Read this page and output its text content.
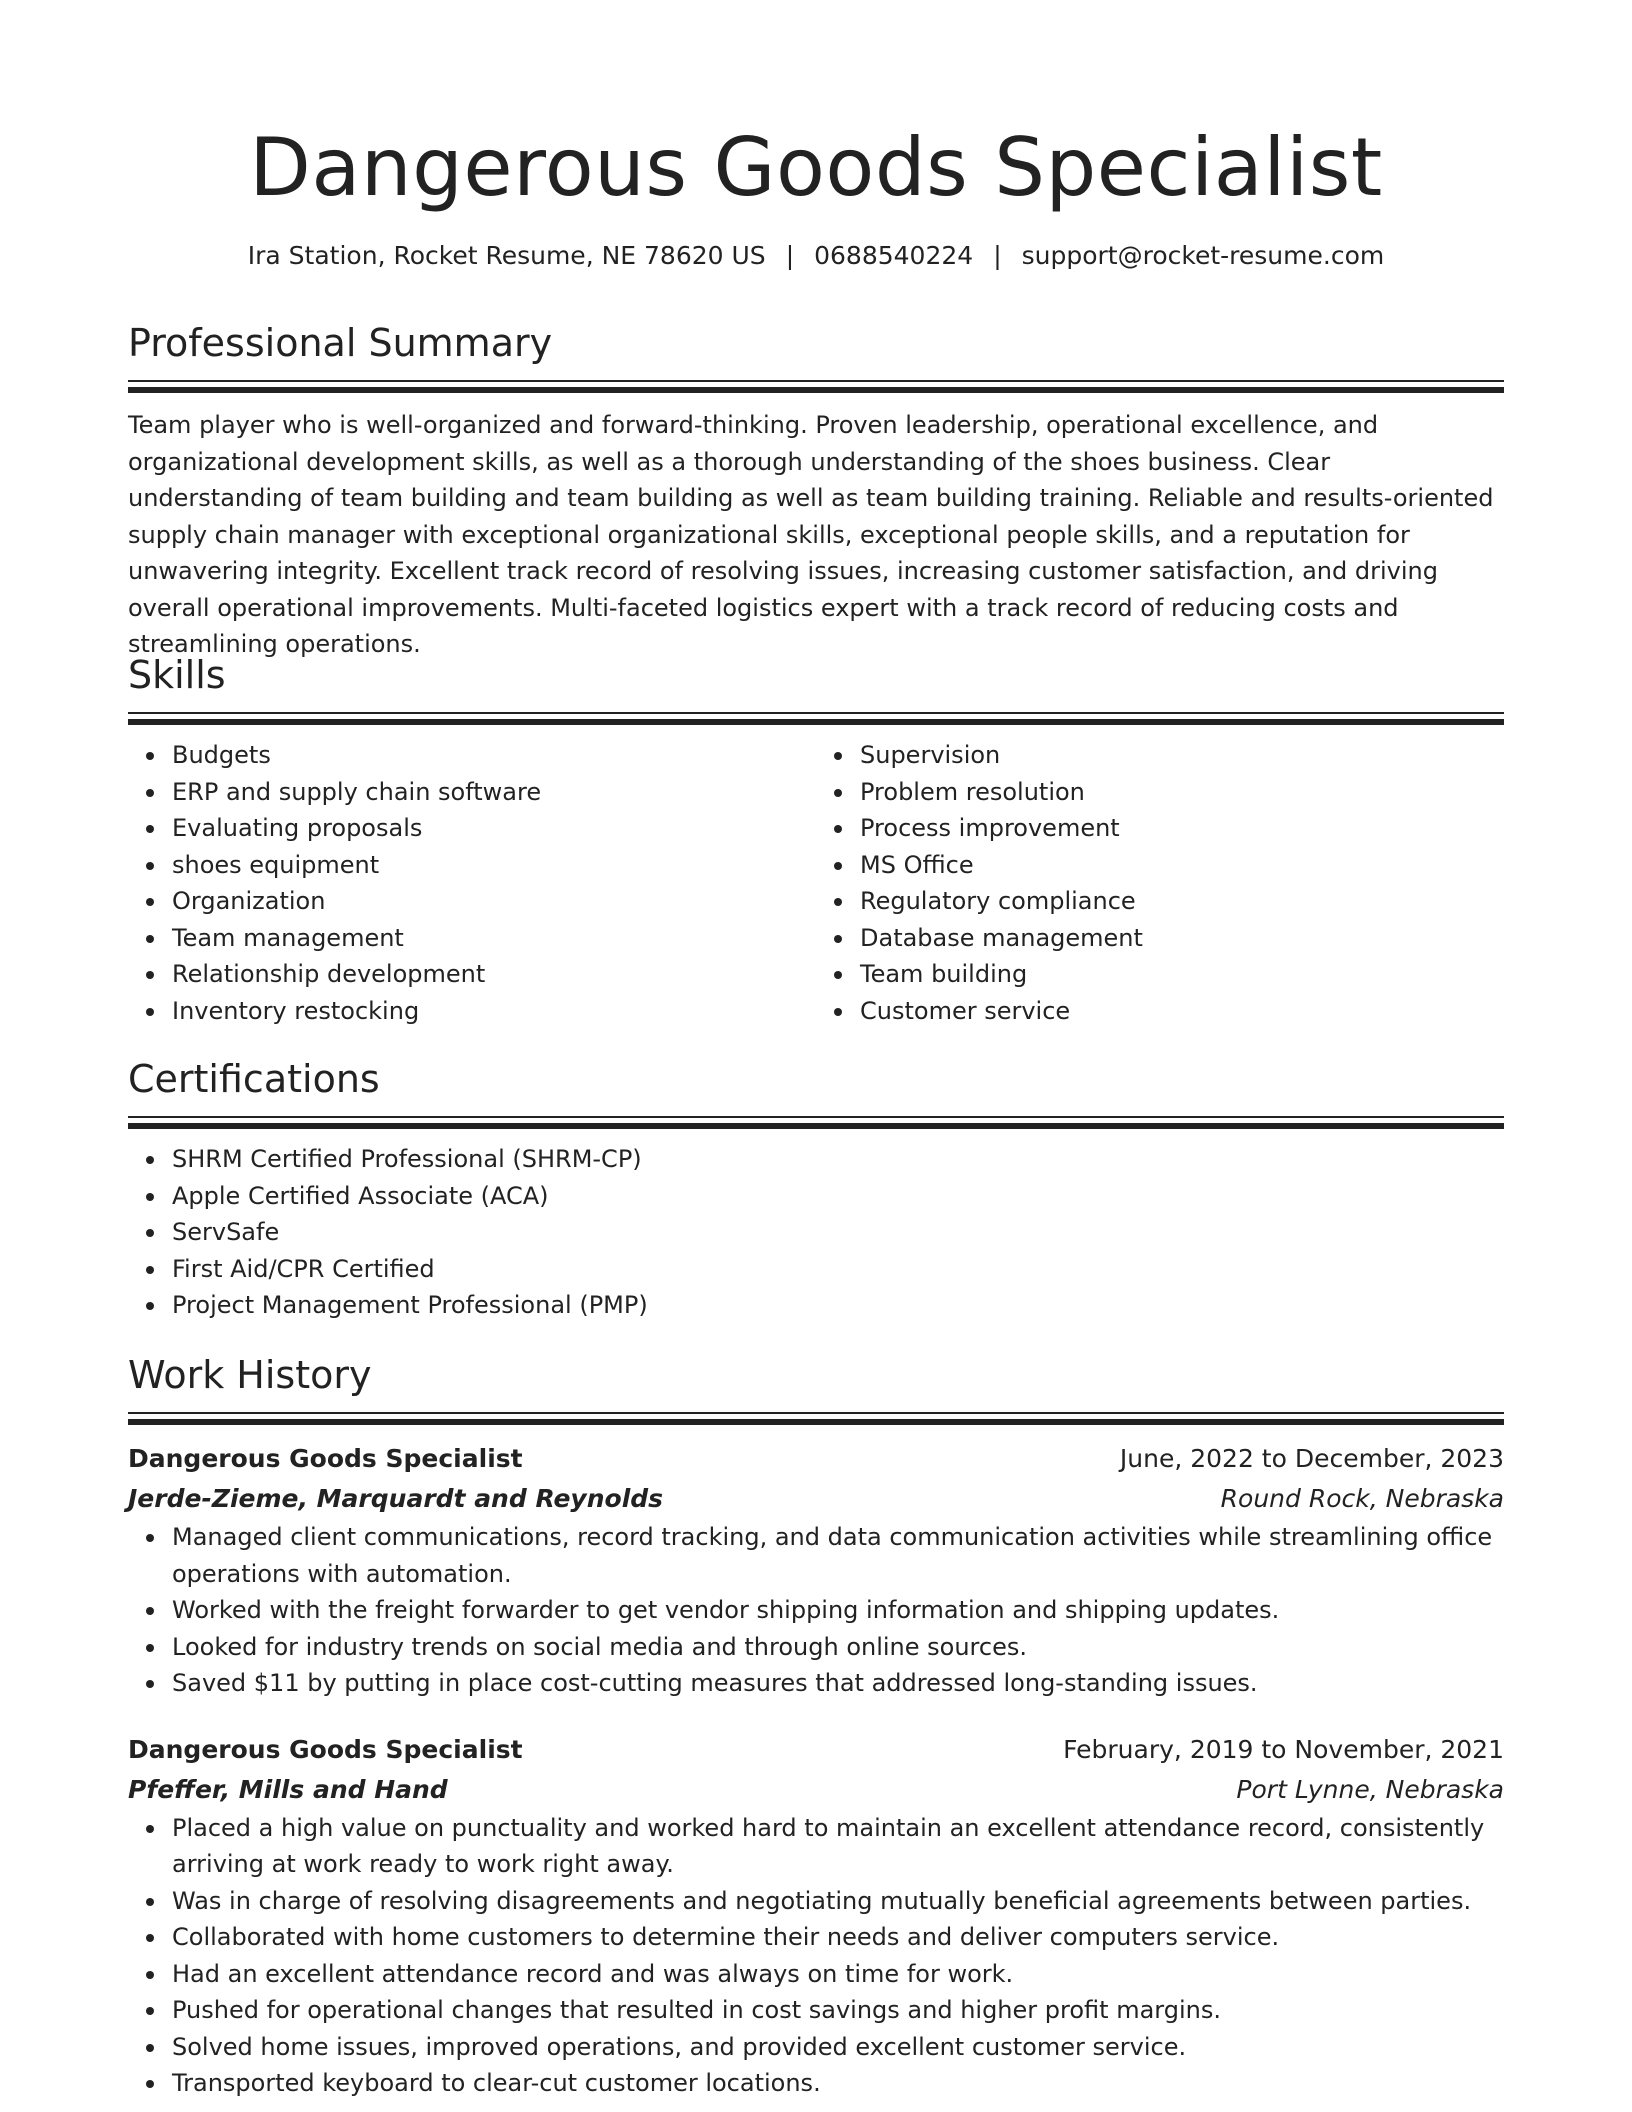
Dangerous Goods Specialist
Ira Station, Rocket Resume, NE 78620 US | 0688540224 | support@rocket-resume.com
Professional Summary
Team player who is well-organized and forward-thinking. Proven leadership, operational excellence, and organizational development skills, as well as a thorough understanding of the shoes business. Clear understanding of team building and team building as well as team building training. Reliable and results-oriented supply chain manager with exceptional organizational skills, exceptional people skills, and a reputation for unwavering integrity. Excellent track record of resolving issues, increasing customer satisfaction, and driving overall operational improvements. Multi-faceted logistics expert with a track record of reducing costs and streamlining operations.
Skills
Budgets
ERP and supply chain software
Evaluating proposals
shoes equipment
Organization
Team management
Relationship development
Inventory restocking
Supervision
Problem resolution
Process improvement
MS Office
Regulatory compliance
Database management
Team building
Customer service
Certifications
SHRM Certified Professional (SHRM-CP)
Apple Certified Associate (ACA)
ServSafe
First Aid/CPR Certified
Project Management Professional (PMP)
Work History
Dangerous Goods Specialist	June, 2022 to December, 2023
Jerde-Zieme, Marquardt and Reynolds	Round Rock, Nebraska
Managed client communications, record tracking, and data communication activities while streamlining office operations with automation.
Worked with the freight forwarder to get vendor shipping information and shipping updates.
Looked for industry trends on social media and through online sources.
Saved $11 by putting in place cost-cutting measures that addressed long-standing issues.
Dangerous Goods Specialist	February, 2019 to November, 2021
Pfeffer, Mills and Hand	Port Lynne, Nebraska
Placed a high value on punctuality and worked hard to maintain an excellent attendance record, consistently arriving at work ready to work right away.
Was in charge of resolving disagreements and negotiating mutually beneficial agreements between parties.
Collaborated with home customers to determine their needs and deliver computers service.
Had an excellent attendance record and was always on time for work.
Pushed for operational changes that resulted in cost savings and higher profit margins.
Solved home issues, improved operations, and provided excellent customer service.
Transported keyboard to clear-cut customer locations.
